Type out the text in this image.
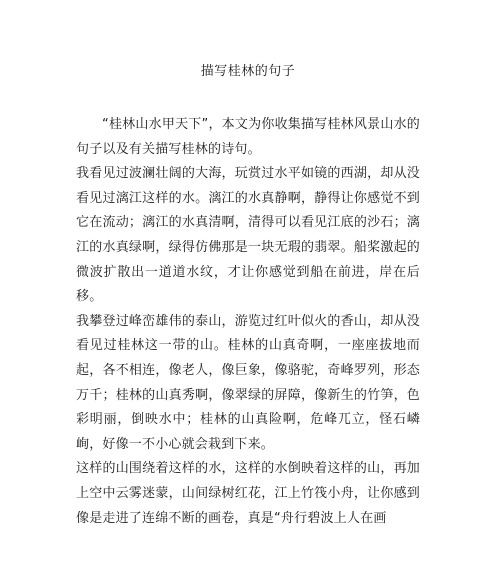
描写桂林的句子

“桂林山水甲天下”，本文为你收集描写桂林风景山水的句子以及有关描写桂林的诗句。

我看见过波澜壮阔的大海，玩赏过水平如镜的西湖，却从没看见过漓江这样的水。漓江的水真静啊，静得让你感觉不到它在流动；漓江的水真清啊，清得可以看见江底的沙石；漓江的水真绿啊，绿得仿佛那是一块无瑕的翡翠。船桨激起的微波扩散出一道道水纹，才让你感觉到船在前进，岸在后移。

我攀登过峰峦雄伟的泰山，游览过红叶似火的香山，却从没看见过桂林这一带的山。桂林的山真奇啊，一座座拔地而起，各不相连，像老人，像巨象，像骆驼，奇峰罗列，形态万千；桂林的山真秀啊，像翠绿的屏障，像新生的竹笋，色彩明丽，倒映水中；桂林的山真险啊，危峰兀立，怪石嶙峋，好像一不小心就会栽到下来。

这样的山围绕着这样的水，这样的水倒映着这样的山，再加上空中云雾迷蒙，山间绿树红花，江上竹筏小舟，让你感到像是走进了连绵不断的画卷，真是“舟行碧波上人在画
